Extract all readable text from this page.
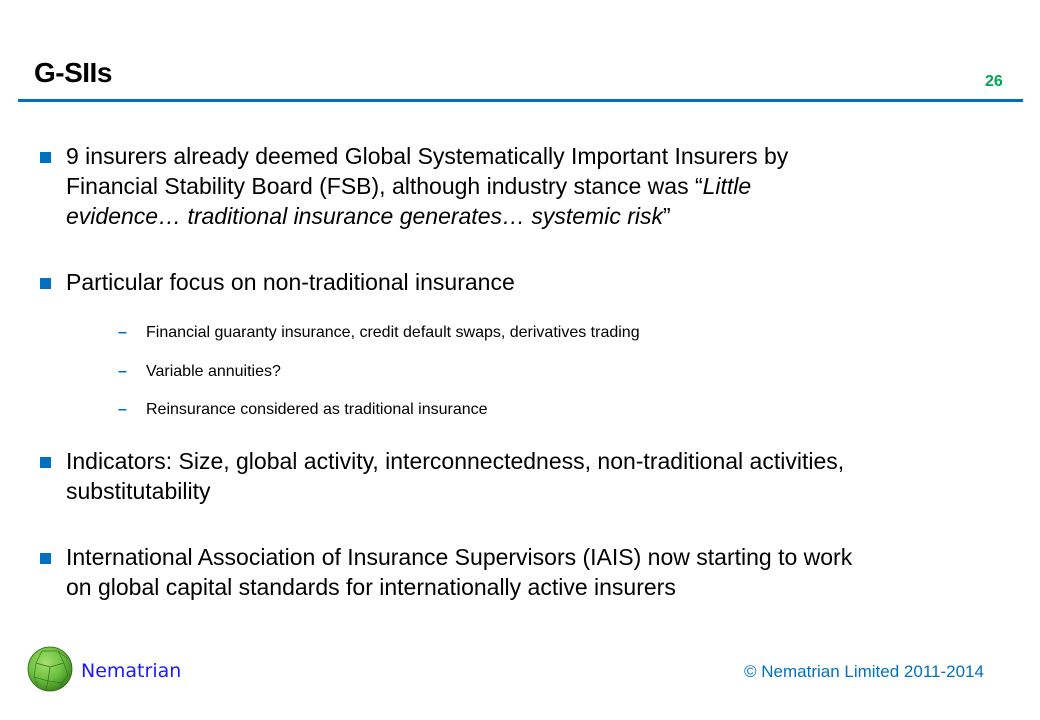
G-SIIs	26
9 insurers already deemed Global Systematically Important Insurers by
Financial Stability Board (FSB), although industry stance was “Little
evidence… traditional insurance generates… systemic risk”
Particular focus on non-traditional insurance
– Financial guaranty insurance, credit default swaps, derivatives trading
– Variable annuities?
– Reinsurance considered as traditional insurance
Indicators: Size, global activity, interconnectedness, non-traditional activities,
substitutability
International Association of Insurance Supervisors (IAIS) now starting to work
on global capital standards for internationally active insurers
Nematrian	© Nematrian Limited 2011-2014
